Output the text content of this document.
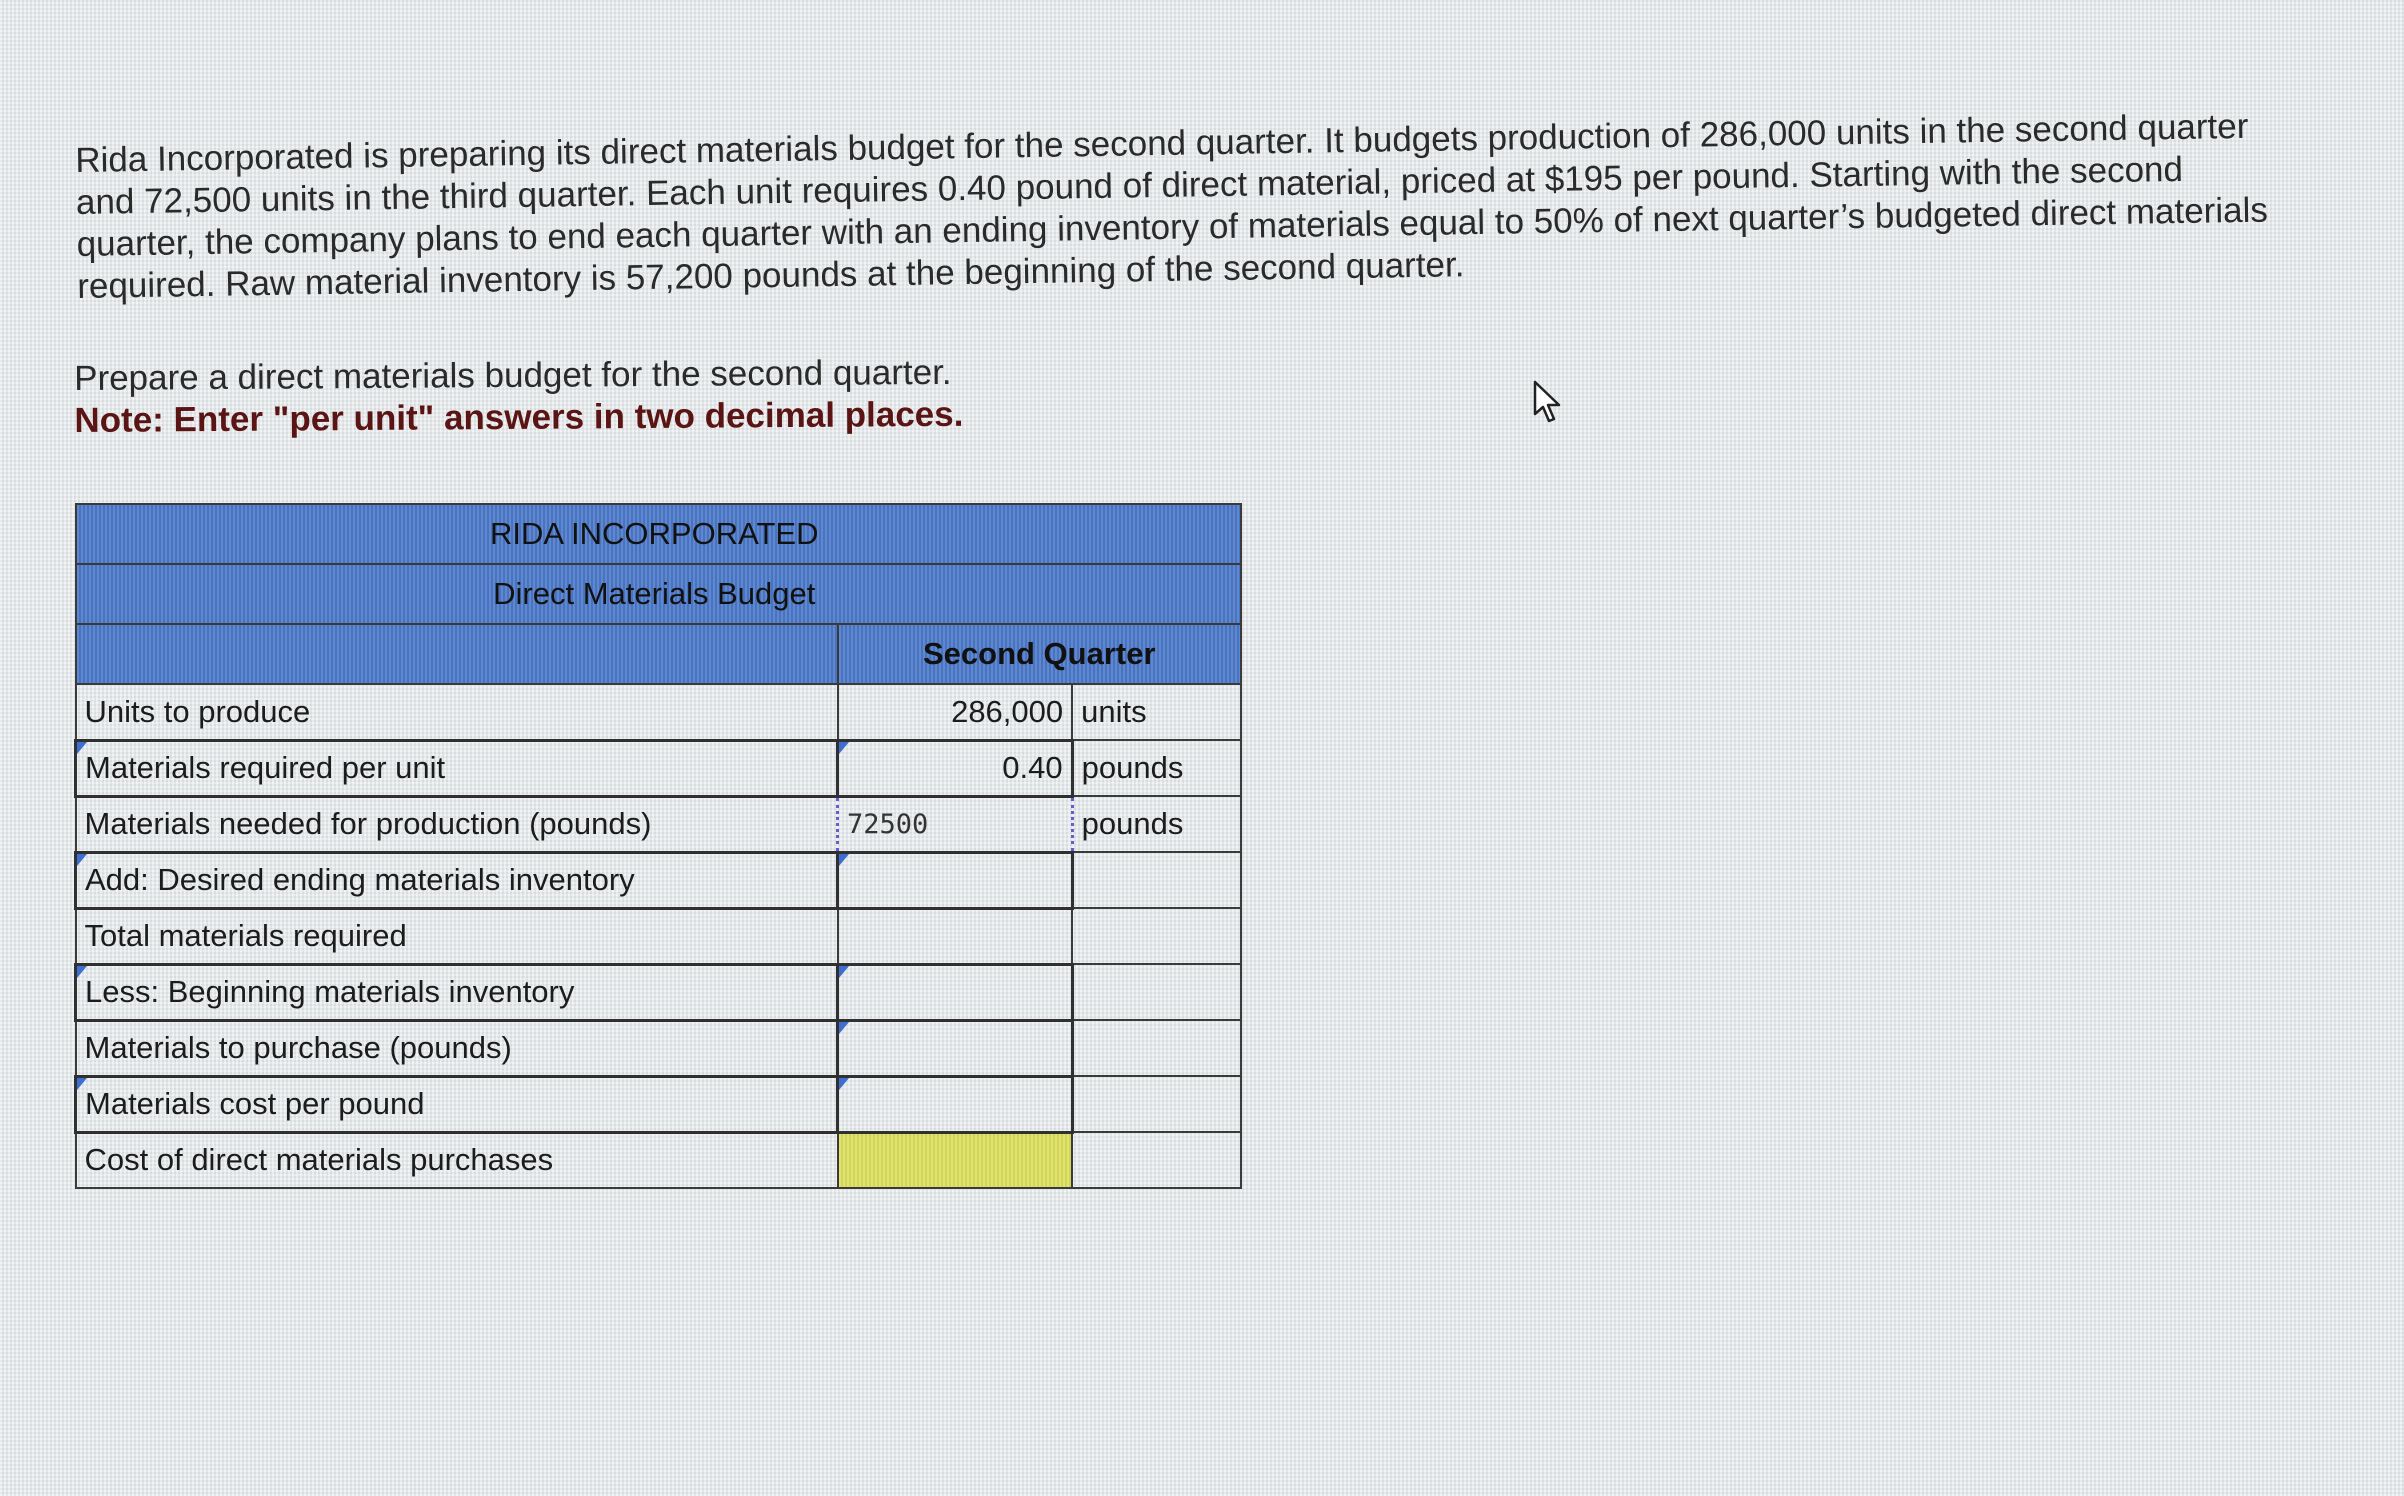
Rida Incorporated is preparing its direct materials budget for the second quarter. It budgets production of 286,000 units in the second quarter and 72,500 units in the third quarter. Each unit requires 0.40 pound of direct material, priced at $195 per pound. Starting with the second quarter, the company plans to end each quarter with an ending inventory of materials equal to 50% of next quarter’s budgeted direct materials required. Raw material inventory is 57,200 pounds at the beginning of the second quarter.
Prepare a direct materials budget for the second quarter.
Note: Enter "per unit" answers in two decimal places.
RIDA INCORPORATED		
Direct Materials Budget		
	Second Quarter	
Units to produce	286,000	units

Materials required per unit	0.40	pounds
Materials needed for production (pounds)	72500	pounds

Add: Desired ending materials inventory	

Total materials required		

Less: Beginning materials inventory	

Materials to purchase (pounds)	

Materials cost per pound	

Cost of direct materials purchases		
